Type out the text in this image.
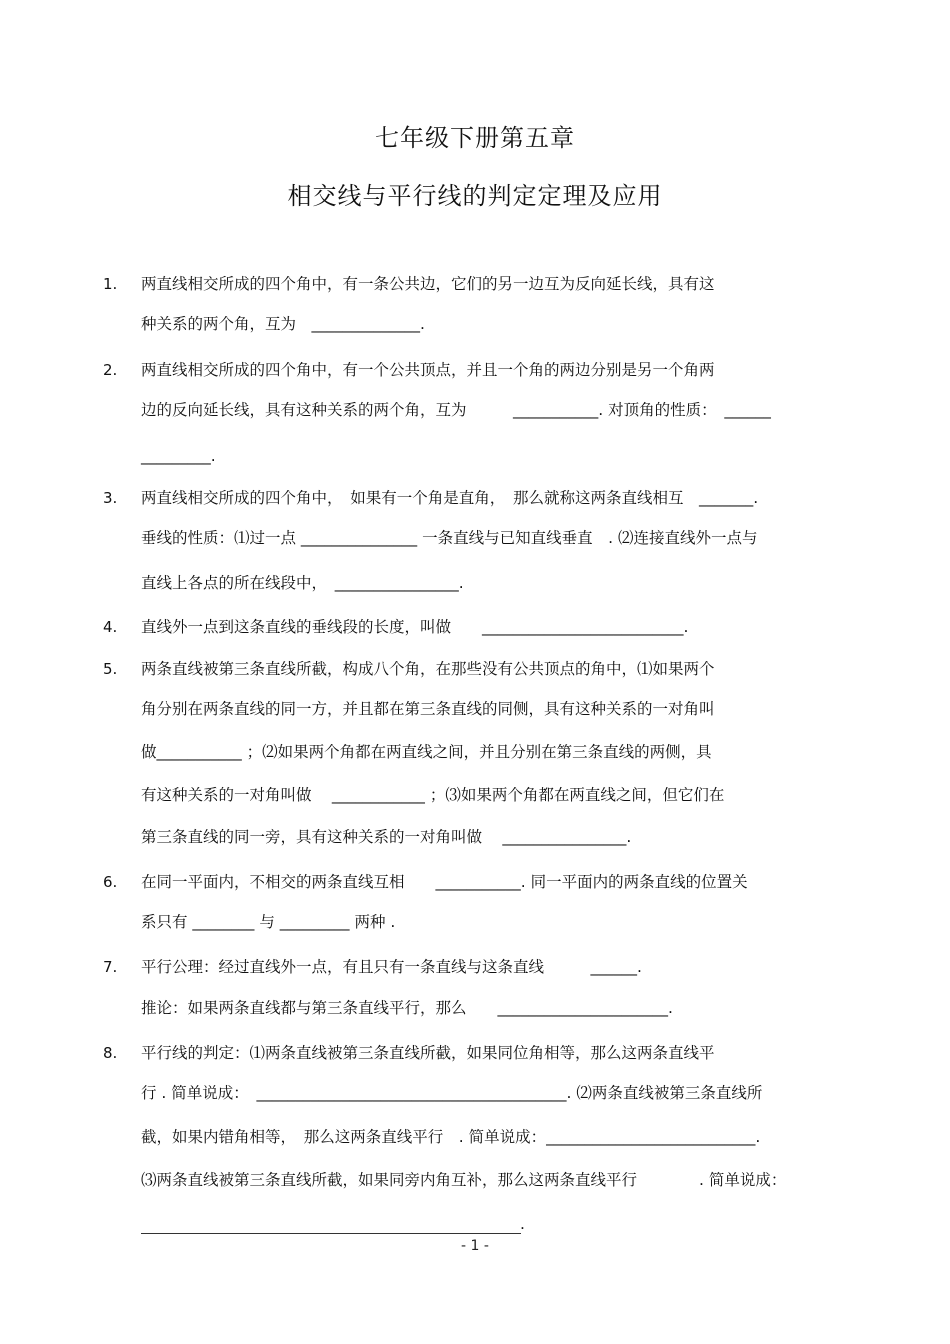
七年级下册第五章
相交线与平行线的判定定理及应用
1. 两直线相交所成的四个角中，有一条公共边，它们的另一边互为反向延长线，具有这
种关系的两个角，互为　______________.
2. 两直线相交所成的四个角中，有一个公共顶点，并且一个角的两边分别是另一个角两
边的反向延长线，具有这种关系的两个角，互为　　　___________. 对顶角的性质：　______
_________.
3. 两直线相交所成的四个角中，　如果有一个角是直角，　那么就称这两条直线相互　_______.
垂线的性质：⑴过一点 _______________ 一条直线与已知直线垂直　. ⑵连接直线外一点与
直线上各点的所在线段中，　________________.
4. 直线外一点到这条直线的垂线段的长度，叫做　　__________________________.
5. 两条直线被第三条直线所截，构成八个角，在那些没有公共顶点的角中，⑴如果两个
角分别在两条直线的同一方，并且都在第三条直线的同侧，具有这种关系的一对角叫
做___________ ；⑵如果两个角都在两直线之间，并且分别在第三条直线的两侧，具
有这种关系的一对角叫做　 ____________ ；⑶如果两个角都在两直线之间，但它们在
第三条直线的同一旁，具有这种关系的一对角叫做　 ________________.
6. 在同一平面内，不相交的两条直线互相　　___________. 同一平面内的两条直线的位置关
系只有 ________ 与 _________ 两种 .
7. 平行公理：经过直线外一点，有且只有一条直线与这条直线　　　______.
推论：如果两条直线都与第三条直线平行，那么　　______________________.
8. 平行线的判定：⑴两条直线被第三条直线所截，如果同位角相等，那么这两条直线平
行 . 简单说成：　________________________________________. ⑵两条直线被第三条直线所
截，如果内错角相等，　那么这两条直线平行　. 简单说成：___________________________.
⑶两条直线被第三条直线所截，如果同旁内角互补，那么这两条直线平行　　　　. 简单说成：
.
- 1 -
